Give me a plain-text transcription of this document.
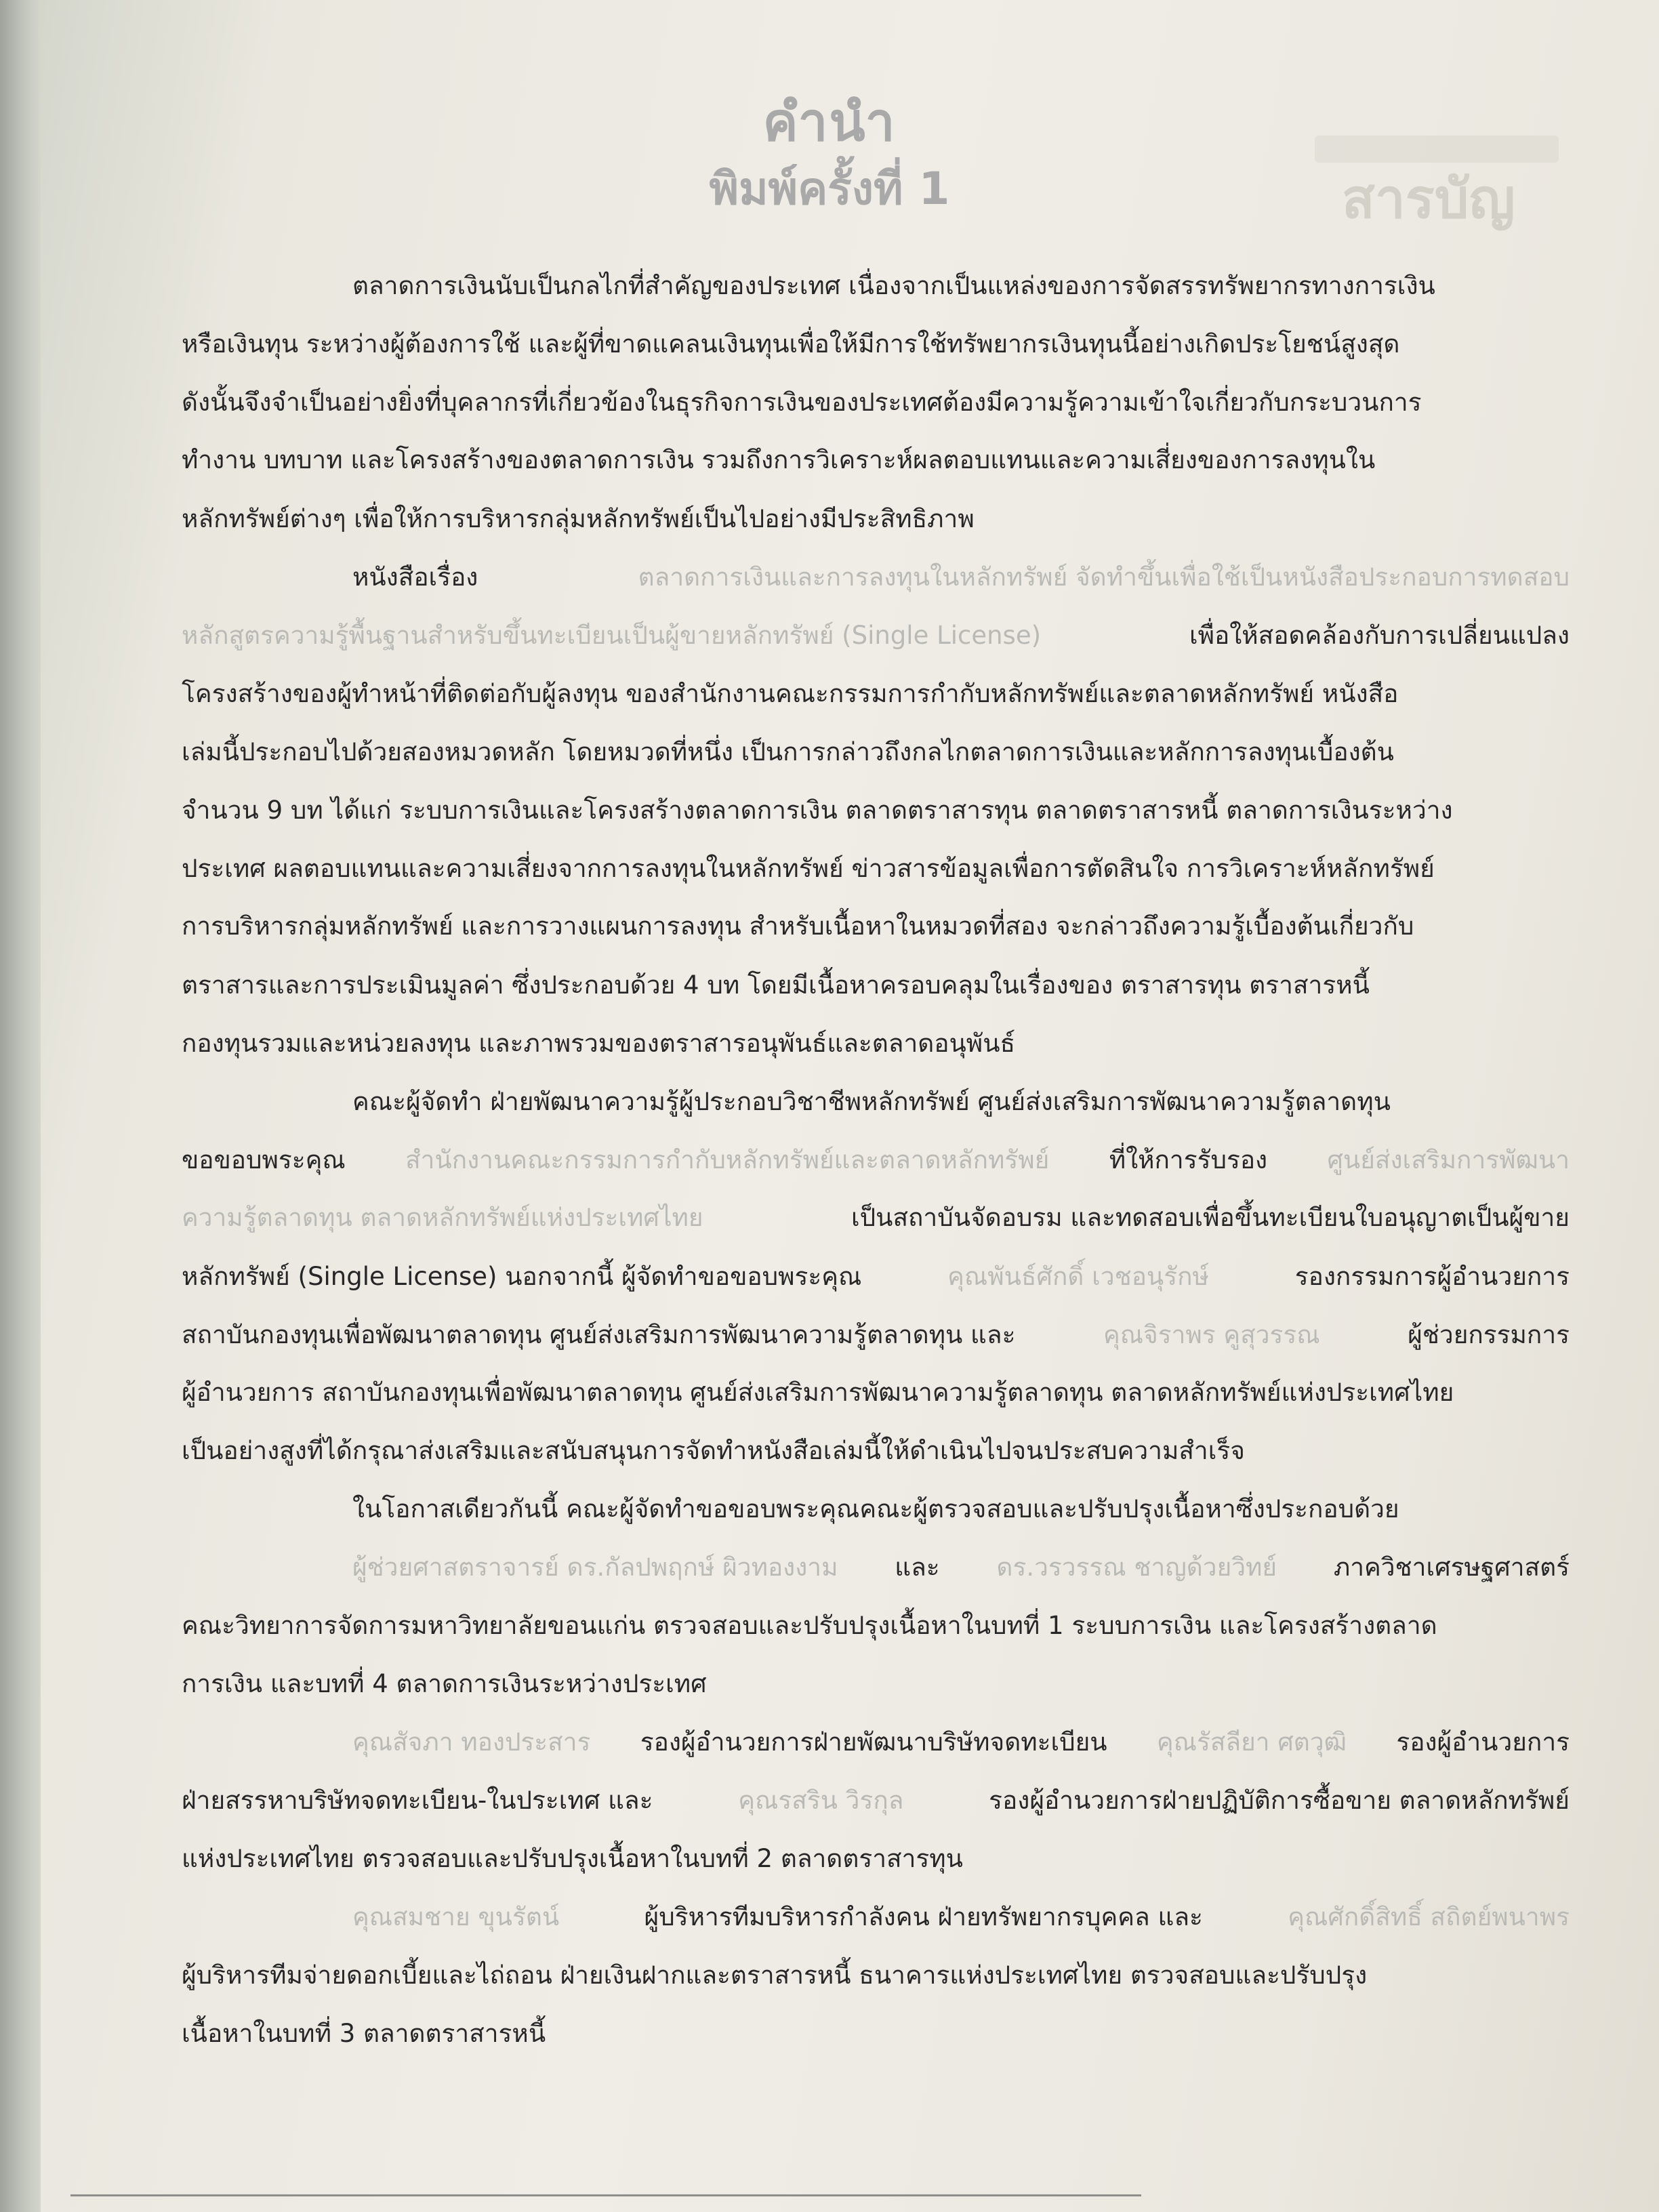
สารบัญ
คำนำ
พิมพ์ครั้งที่ 1
ตลาดการเงินนับเป็นกลไกที่สำคัญของประเทศ เนื่องจากเป็นแหล่งของการจัดสรรทรัพยากรทางการเงิน
หรือเงินทุน ระหว่างผู้ต้องการใช้ และผู้ที่ขาดแคลนเงินทุนเพื่อให้มีการใช้ทรัพยากรเงินทุนนี้อย่างเกิดประโยชน์สูงสุด
ดังนั้นจึงจำเป็นอย่างยิ่งที่บุคลากรที่เกี่ยวข้องในธุรกิจการเงินของประเทศต้องมีความรู้ความเข้าใจเกี่ยวกับกระบวนการ
ทำงาน บทบาท และโครงสร้างของตลาดการเงิน รวมถึงการวิเคราะห์ผลตอบแทนและความเสี่ยงของการลงทุนใน
หลักทรัพย์ต่างๆ เพื่อให้การบริหารกลุ่มหลักทรัพย์เป็นไปอย่างมีประสิทธิภาพ
หนังสือเรื่อง	ตลาดการเงินและการลงทุนในหลักทรัพย์ จัดทำขึ้นเพื่อใช้เป็นหนังสือประกอบการทดสอบ
หลักสูตรความรู้พื้นฐานสำหรับขึ้นทะเบียนเป็นผู้ขายหลักทรัพย์ (Single License)	เพื่อให้สอดคล้องกับการเปลี่ยนแปลง
โครงสร้างของผู้ทำหน้าที่ติดต่อกับผู้ลงทุน ของสำนักงานคณะกรรมการกำกับหลักทรัพย์และตลาดหลักทรัพย์ หนังสือ
เล่มนี้ประกอบไปด้วยสองหมวดหลัก โดยหมวดที่หนึ่ง เป็นการกล่าวถึงกลไกตลาดการเงินและหลักการลงทุนเบื้องต้น
จำนวน 9 บท ได้แก่ ระบบการเงินและโครงสร้างตลาดการเงิน ตลาดตราสารทุน ตลาดตราสารหนี้ ตลาดการเงินระหว่าง
ประเทศ ผลตอบแทนและความเสี่ยงจากการลงทุนในหลักทรัพย์ ข่าวสารข้อมูลเพื่อการตัดสินใจ การวิเคราะห์หลักทรัพย์
การบริหารกลุ่มหลักทรัพย์ และการวางแผนการลงทุน สำหรับเนื้อหาในหมวดที่สอง จะกล่าวถึงความรู้เบื้องต้นเกี่ยวกับ
ตราสารและการประเมินมูลค่า ซึ่งประกอบด้วย 4 บท โดยมีเนื้อหาครอบคลุมในเรื่องของ ตราสารทุน ตราสารหนี้
กองทุนรวมและหน่วยลงทุน และภาพรวมของตราสารอนุพันธ์และตลาดอนุพันธ์
คณะผู้จัดทำ ฝ่ายพัฒนาความรู้ผู้ประกอบวิชาชีพหลักทรัพย์ ศูนย์ส่งเสริมการพัฒนาความรู้ตลาดทุน
ขอขอบพระคุณ สำนักงานคณะกรรมการกำกับหลักทรัพย์และตลาดหลักทรัพย์ ที่ให้การรับรอง ศูนย์ส่งเสริมการพัฒนา
ความรู้ตลาดทุน ตลาดหลักทรัพย์แห่งประเทศไทย	เป็นสถาบันจัดอบรม และทดสอบเพื่อขึ้นทะเบียนใบอนุญาตเป็นผู้ขาย
หลักทรัพย์ (Single License) นอกจากนี้ ผู้จัดทำขอขอบพระคุณ	คุณพันธ์ศักดิ์ เวชอนุรักษ์	รองกรรมการผู้อำนวยการ
สถาบันกองทุนเพื่อพัฒนาตลาดทุน ศูนย์ส่งเสริมการพัฒนาความรู้ตลาดทุน และ	คุณจิราพร คูสุวรรณ	ผู้ช่วยกรรมการ
ผู้อำนวยการ สถาบันกองทุนเพื่อพัฒนาตลาดทุน ศูนย์ส่งเสริมการพัฒนาความรู้ตลาดทุน ตลาดหลักทรัพย์แห่งประเทศไทย
เป็นอย่างสูงที่ได้กรุณาส่งเสริมและสนับสนุนการจัดทำหนังสือเล่มนี้ให้ดำเนินไปจนประสบความสำเร็จ
ในโอกาสเดียวกันนี้ คณะผู้จัดทำขอขอบพระคุณคณะผู้ตรวจสอบและปรับปรุงเนื้อหาซึ่งประกอบด้วย
ผู้ช่วยศาสตราจารย์ ดร.กัลปพฤกษ์ ผิวทองงาม และ ดร.วรวรรณ ชาญด้วยวิทย์ ภาควิชาเศรษฐศาสตร์
คณะวิทยาการจัดการมหาวิทยาลัยขอนแก่น ตรวจสอบและปรับปรุงเนื้อหาในบทที่ 1 ระบบการเงิน และโครงสร้างตลาด
การเงิน และบทที่ 4 ตลาดการเงินระหว่างประเทศ
คุณสัจภา ทองประสาร รองผู้อำนวยการฝ่ายพัฒนาบริษัทจดทะเบียน คุณรัสลียา ศตวุฒิ รองผู้อำนวยการ
ฝ่ายสรรหาบริษัทจดทะเบียน-ในประเทศ และ	คุณรสริน วิรกุล	รองผู้อำนวยการฝ่ายปฏิบัติการซื้อขาย ตลาดหลักทรัพย์
แห่งประเทศไทย ตรวจสอบและปรับปรุงเนื้อหาในบทที่ 2 ตลาดตราสารทุน
คุณสมชาย ขุนรัตน์	ผู้บริหารทีมบริหารกำลังคน ฝ่ายทรัพยากรบุคคล และ	คุณศักดิ์สิทธิ์ สถิตย์พนาพร
ผู้บริหารทีมจ่ายดอกเบี้ยและไถ่ถอน ฝ่ายเงินฝากและตราสารหนี้ ธนาคารแห่งประเทศไทย ตรวจสอบและปรับปรุง
เนื้อหาในบทที่ 3 ตลาดตราสารหนี้
